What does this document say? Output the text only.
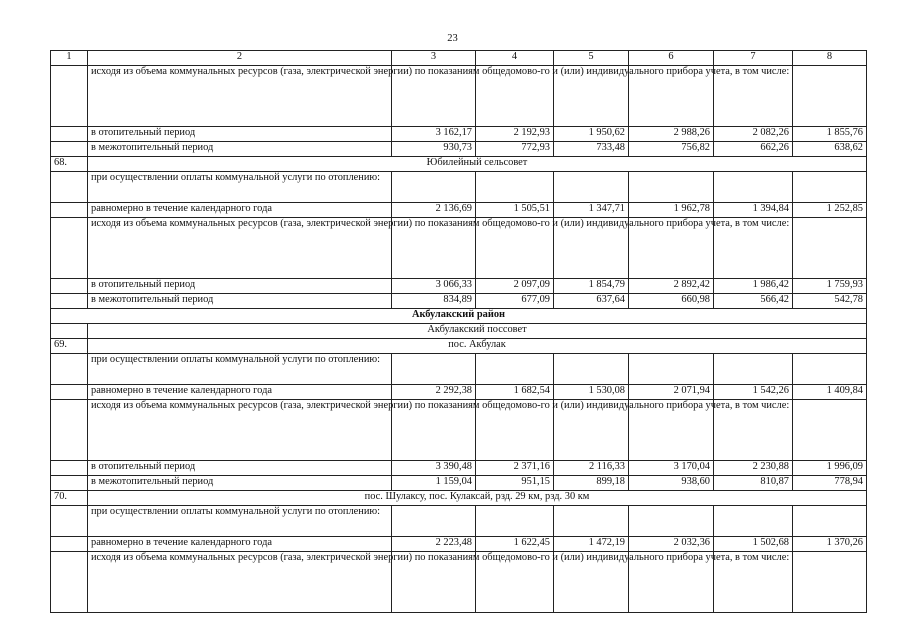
23
1	2	3	4	5	6	7	8
	исходя из объема коммунальных ресурсов (газа, электрической энергии) по показаниям общедомово-го и (или) индивидуального прибора учета, в том числе:						
	в отопительный период	3 162,17	2 192,93	1 950,62	2 988,26	2 082,26	1 855,76
	в межотопительный период	930,73	772,93	733,48	756,82	662,26	638,62
68.	Юбилейный сельсовет						
	при осуществлении оплаты коммунальной услуги по отоплению:						
	равномерно в течение календарного года	2 136,69	1 505,51	1 347,71	1 962,78	1 394,84	1 252,85
	исходя из объема коммунальных ресурсов (газа, электрической энергии) по показаниям общедомово-го и (или) индивидуального прибора учета, в том числе:						
	в отопительный период	3 066,33	2 097,09	1 854,79	2 892,42	1 986,42	1 759,93
	в межотопительный период	834,89	677,09	637,64	660,98	566,42	542,78
Акбулакский район							
	Акбулакский поссовет						
69.	пос. Акбулак						
	при осуществлении оплаты коммунальной услуги по отоплению:						
	равномерно в течение календарного года	2 292,38	1 682,54	1 530,08	2 071,94	1 542,26	1 409,84
	исходя из объема коммунальных ресурсов (газа, электрической энергии) по показаниям общедомово-го и (или) индивидуального прибора учета, в том числе:						
	в отопительный период	3 390,48	2 371,16	2 116,33	3 170,04	2 230,88	1 996,09
	в межотопительный период	1 159,04	951,15	899,18	938,60	810,87	778,94
70.	пос. Шулаксу, пос. Кулаксай, рзд. 29 км, рзд. 30 км						
	при осуществлении оплаты коммунальной услуги по отоплению:						
	равномерно в течение календарного года	2 223,48	1 622,45	1 472,19	2 032,36	1 502,68	1 370,26
	исходя из объема коммунальных ресурсов (газа, электрической энергии) по показаниям общедомово-го и (или) индивидуального прибора учета, в том числе:						
